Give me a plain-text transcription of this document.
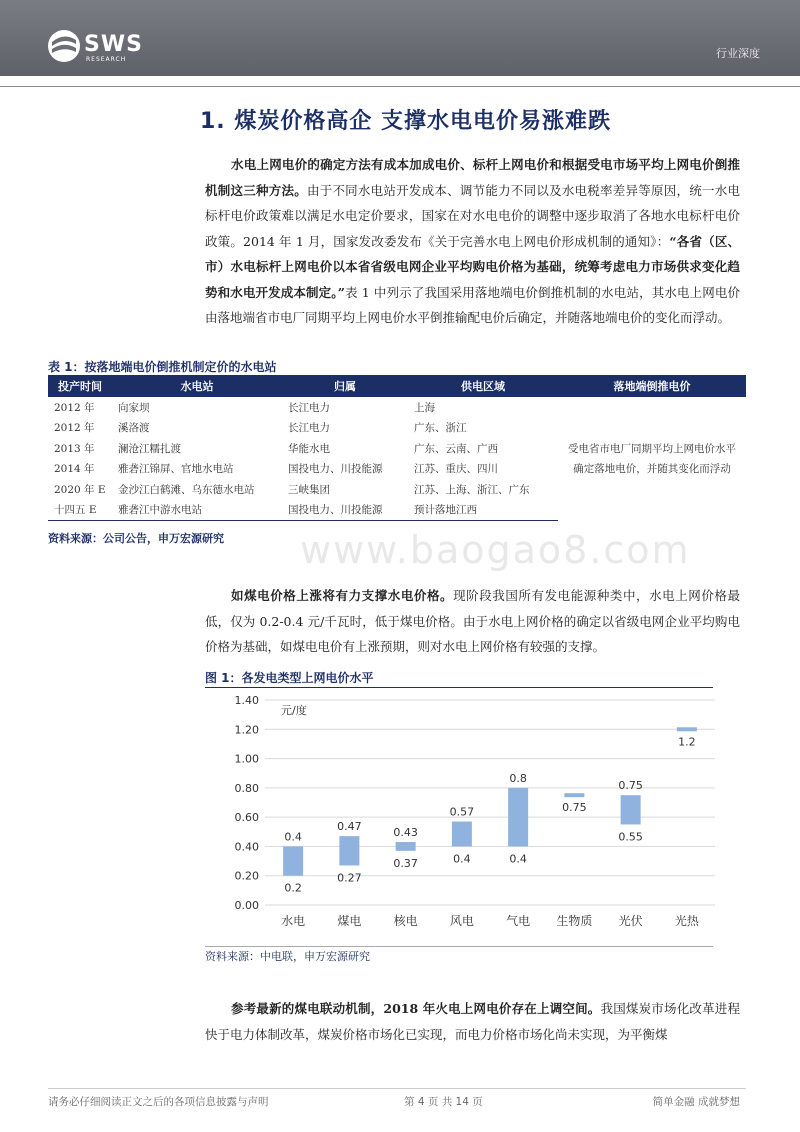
SWS
RESEARCH	行业深度
1. 煤炭价格高企 支撑水电电价易涨难跌
水电上网电价的确定方法有成本加成电价、标杆上网电价和根据受电市场平均上网电价倒推机制这三种方法。由于不同水电站开发成本、调节能力不同以及水电税率差异等原因，统一水电标杆电价政策难以满足水电定价要求，国家在对水电电价的调整中逐步取消了各地水电标杆电价政策。2014 年 1 月，国家发改委发布《关于完善水电上网电价形成机制的通知》：“各省（区、市）水电标杆上网电价以本省省级电网企业平均购电价格为基础，统筹考虑电力市场供求变化趋势和水电开发成本制定。”表 1 中列示了我国采用落地端电价倒推机制的水电站，其水电上网电价由落地端省市电厂同期平均上网电价水平倒推输配电价后确定，并随落地端电价的变化而浮动。
表 1：按落地端电价倒推机制定价的水电站
投产时间	水电站	归属	供电区域	落地端倒推电价
2012 年	向家坝	长江电力	上海	受电省市电厂同期平均上网电价水平确定落地电价，并随其变化而浮动
2012 年	溪洛渡	长江电力	广东、浙江	
2013 年	澜沧江糯扎渡	华能水电	广东、云南、广西	
2014 年	雅砻江锦屏、官地水电站	国投电力、川投能源	江苏、重庆、四川	
2020 年 E	金沙江白鹤滩、乌东德水电站	三峡集团	江苏、上海、浙江、广东	
十四五 E	雅砻江中游水电站	国投电力、川投能源	预计落地江西	
资料来源：公司公告，申万宏源研究 www.baogao8.com
如煤电价格上涨将有力支撑水电价格。现阶段我国所有发电能源种类中，水电上网价格最低，仅为 0.2-0.4 元/千瓦时，低于煤电价格。由于水电上网价格的确定以省级电网企业平均购电价格为基础，如煤电电价有上涨预期，则对水电上网价格有较强的支撑。
图 1：各发电类型上网电价水平
0.00
0.20
0.40
0.60
0.80
1.00
1.20
1.40
0.4
0.2
0.47
0.27
0.43
0.37
0.57
0.4
0.8
0.4
0.75
0.75
0.55
1.2
水电	煤电	核电	风电	气电 生物质 光伏	光热
元/度
资料来源：中电联，申万宏源研究
参考最新的煤电联动机制，2018 年火电上网电价存在上调空间。我国煤炭市场化改革进程快于电力体制改革，煤炭价格市场化已实现，而电力价格市场化尚未实现，为平衡煤
请务必仔细阅读正文之后的各项信息披露与声明	第 4 页 共 14 页	简单金融 成就梦想
